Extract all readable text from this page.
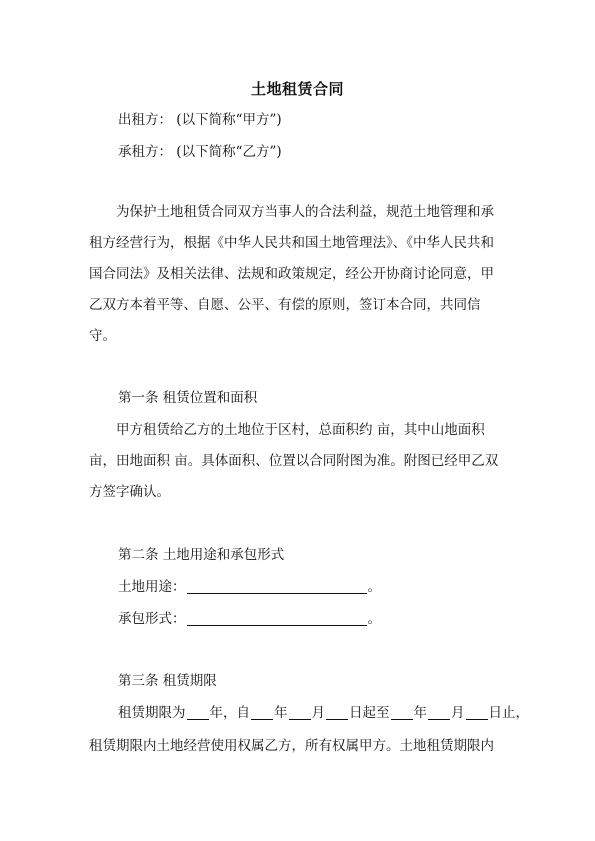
土地租赁合同
出租方： (以下简称“甲方”)
承租方： (以下简称“乙方”)
为保护土地租赁合同双方当事人的合法利益，规范土地管理和承租方经营行为，根据《中华人民共和国土地管理法》、《中华人民共和国合同法》及相关法律、法规和政策规定，经公开协商讨论同意，甲乙双方本着平等、自愿、公平、有偿的原则，签订本合同，共同信守。
第一条 租赁位置和面积
甲方租赁给乙方的土地位于区村，总面积约 亩，其中山地面积 亩，田地面积 亩。具体面积、位置以合同附图为准。附图已经甲乙双方签字确认。
第二条 土地用途和承包形式
土地用途：	。
承包形式：	。
第三条 租赁期限
租赁期限为 年，自 年 月 日起至 年 月 日止，
租赁期限内土地经营使用权属乙方，所有权属甲方。土地租赁期限内
